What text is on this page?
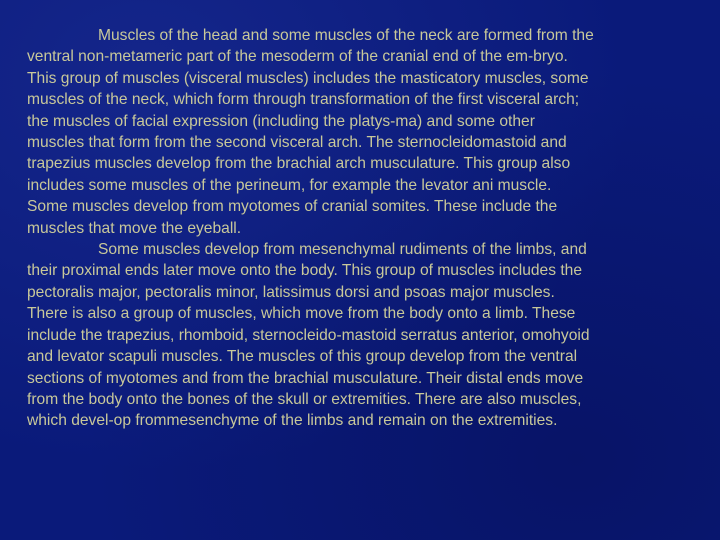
Muscles of the head and some muscles of the neck are formed from the
ventral non-metameric part of the mesoderm of the cranial end of the em-bryo.
This group of muscles (visceral muscles) includes the masticatory muscles, some
muscles of the neck, which form through transformation of the first visceral arch;
the muscles of facial expression (including the platys-ma) and some other
muscles that form from the second visceral arch. The sternocleidomastoid and
trapezius muscles develop from the brachial arch musculature. This group also
includes some muscles of the perineum, for example the levator ani muscle.
Some muscles develop from myotomes of cranial somites. These include the
muscles that move the eyeball.

Some muscles develop from mesenchymal rudiments of the limbs, and
their proximal ends later move onto the body. This group of muscles includes the
pectoralis major, pectoralis minor, latissimus dorsi and psoas major muscles.
There is also a group of muscles, which move from the body onto a limb. These
include the trapezius, rhomboid, sternocleido-mastoid serratus anterior, omohyoid
and levator scapuli muscles. The muscles of this group develop from the ventral
sections of myotomes and from the brachial musculature. Their distal ends move
from the body onto the bones of the skull or extremities. There are also muscles,
which devel-op frommesenchyme of the limbs and remain on the extremities.
